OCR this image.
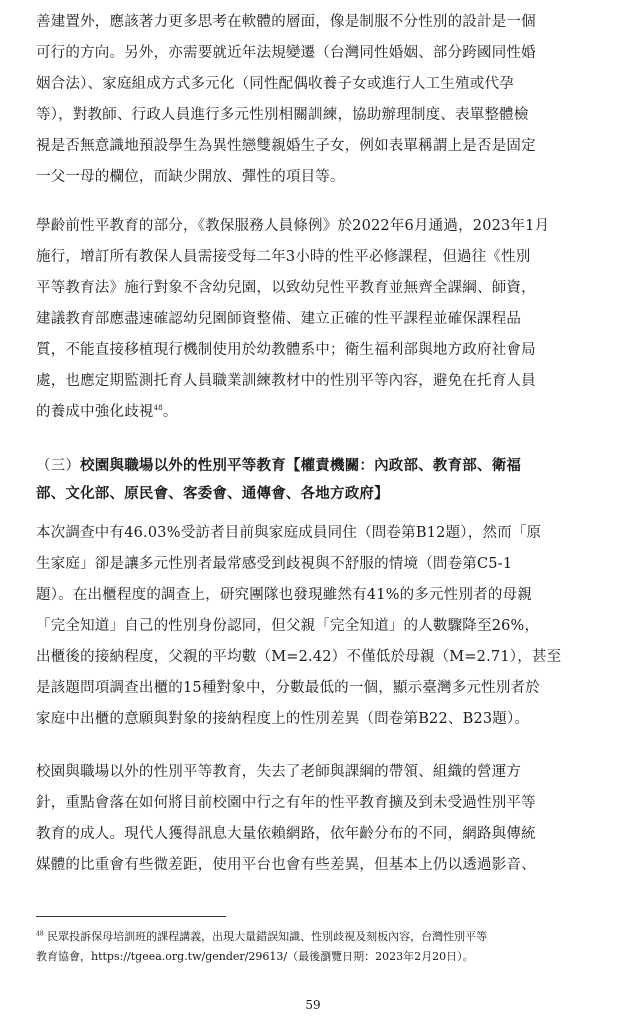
善建置外，應該著力更多思考在軟體的層面，像是制服不分性別的設計是一個
可行的方向。另外，亦需要就近年法規變遷（台灣同性婚姻、部分跨國同性婚
姻合法）、家庭組成方式多元化（同性配偶收養子女或進行人工生殖或代孕
等），對教師、行政人員進行多元性別相關訓練，協助辦理制度、表單整體檢
視是否無意識地預設學生為異性戀雙親婚生子女，例如表單稱謂上是否是固定
一父一母的欄位，而缺少開放、彈性的項目等。

學齡前性平教育的部分，《教保服務人員條例》於2022年6月通過，2023年1月
施行，增訂所有教保人員需接受每二年3小時的性平必修課程，但過往《性別
平等教育法》施行對象不含幼兒園，以致幼兒性平教育並無齊全課綱、師資，
建議教育部應盡速確認幼兒園師資整備、建立正確的性平課程並確保課程品
質，不能直接移植現行機制使用於幼教體系中；衛生福利部與地方政府社會局
處，也應定期監測托育人員職業訓練教材中的性別平等內容，避免在托育人員
的養成中強化歧視$^{48}$。

（三）校園與職場以外的性別平等教育【權責機關：內政部、教育部、衛福
部、文化部、原民會、客委會、通傳會、各地方政府】

本次調查中有46.03%受訪者目前與家庭成員同住（問卷第B12題），然而「原
生家庭」卻是讓多元性別者最常感受到歧視與不舒服的情境（問卷第C5-1
題）。在出櫃程度的調查上，研究團隊也發現雖然有41%的多元性別者的母親
「完全知道」自己的性別身份認同，但父親「完全知道」的人數驟降至26%，
出櫃後的接納程度，父親的平均數（M=2.42）不僅低於母親（M=2.71），甚至
是該題問項調查出櫃的15種對象中，分數最低的一個，顯示臺灣多元性別者於
家庭中出櫃的意願與對象的接納程度上的性別差異（問卷第B22、B23題）。

校園與職場以外的性別平等教育，失去了老師與課綱的帶領、組織的營運方
針，重點會落在如何將目前校園中行之有年的性平教育擴及到未受過性別平等
教育的成人。現代人獲得訊息大量依賴網路，依年齡分布的不同，網路與傳統
媒體的比重會有些微差距，使用平台也會有些差異，但基本上仍以透過影音、

$^{48}$ 民眾投訴保母培訓班的課程講義，出現大量錯誤知識、性別歧視及刻板內容，台灣性別平等
教育協會，https://tgeea.org.tw/gender/29613/（最後瀏覽日期：2023年2月20日）。
59
